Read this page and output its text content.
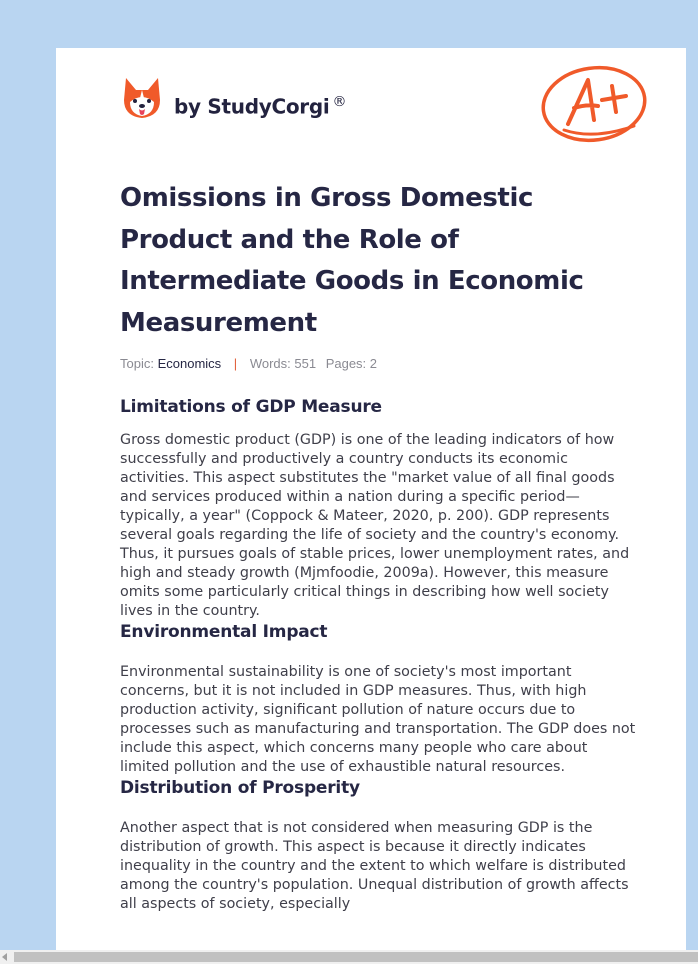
by StudyCorgi ®
Omissions in Gross Domestic Product and the Role of Intermediate Goods in Economic Measurement
Topic: Economics | Words: 551 Pages: 2
Limitations of GDP Measure

Gross domestic product (GDP) is one of the leading indicators of how successfully and productively a country conducts its economic activities. This aspect substitutes the "market value of all final goods and services produced within a nation during a specific period—typically, a year" (Coppock & Mateer, 2020, p. 200). GDP represents several goals regarding the life of society and the country's economy. Thus, it pursues goals of stable prices, lower unemployment rates, and high and steady growth (Mjmfoodie, 2009a). However, this measure omits some particularly critical things in describing how well society lives in the country.

Environmental Impact

Environmental sustainability is one of society's most important concerns, but it is not included in GDP measures. Thus, with high production activity, significant pollution of nature occurs due to processes such as manufacturing and transportation. The GDP does not include this aspect, which concerns many people who care about limited pollution and the use of exhaustible natural resources.

Distribution of Prosperity

Another aspect that is not considered when measuring GDP is the distribution of growth. This aspect is because it directly indicates inequality in the country and the extent to which welfare is distributed among the country's population. Unequal distribution of growth affects all aspects of society, especially
